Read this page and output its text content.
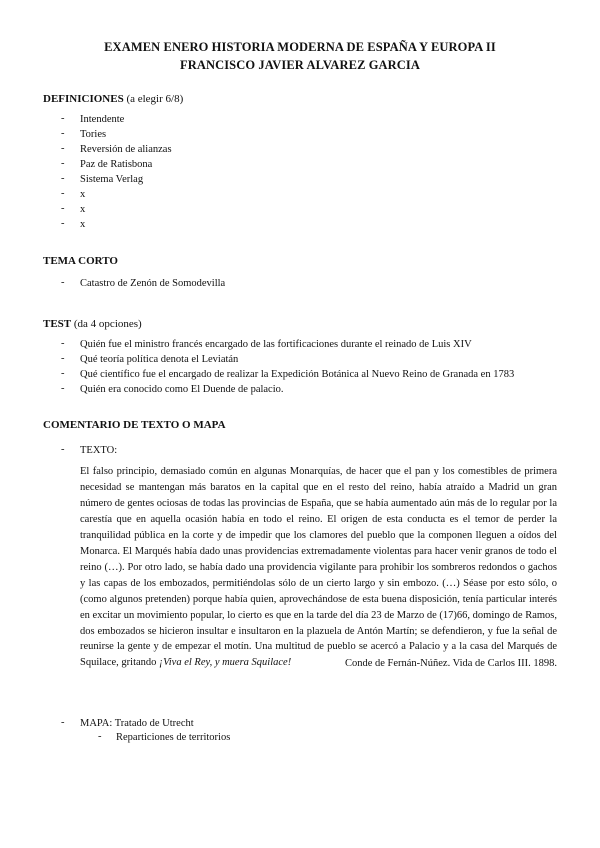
EXAMEN ENERO HISTORIA MODERNA DE ESPAÑA Y EUROPA II
FRANCISCO JAVIER ALVAREZ GARCIA
DEFINICIONES (a elegir 6/8)
- Intendente
- Tories
- Reversión de alianzas
- Paz de Ratisbona
- Sistema Verlag
- x
- x
- x
TEMA CORTO
- Catastro de Zenón de Somodevilla
TEST (da 4 opciones)
- Quién fue el ministro francés encargado de las fortificaciones durante el reinado de Luis XIV
- Qué teoría política denota el Leviatán
- Qué científico fue el encargado de realizar la Expedición Botánica al Nuevo Reino de Granada en 1783
- Quién era conocido como El Duende de palacio.
COMENTARIO DE TEXTO O MAPA
- TEXTO:
El falso principio, demasiado común en algunas Monarquías, de hacer que el pan y los comestibles de primera necesidad se mantengan más baratos en la capital que en el resto del reino, había atraído a Madrid un gran número de gentes ociosas de todas las provincias de España, que se había aumentado aún más de lo regular por la carestía que en aquella ocasión había en todo el reino. El origen de esta conducta es el temor de perder la tranquilidad pública en la corte y de impedir que los clamores del pueblo que la componen lleguen a oídos del Monarca. El Marqués había dado unas providencias extremadamente violentas para hacer venir granos de todo el reino (…). Por otro lado, se había dado una providencia vigilante para prohibir los sombreros redondos o gachos y las capas de los embozados, permitiéndolas sólo de un cierto largo y sin embozo. (…) Séase por esto sólo, o (como algunos pretenden) porque había quien, aprovechándose de esta buena disposición, tenía particular interés en excitar un movimiento popular, lo cierto es que en la tarde del día 23 de Marzo de (17)66, domingo de Ramos, dos embozados se hicieron insultar e insultaron en la plazuela de Antón Martín; se defendieron, y fue la señal de reunirse la gente y de empezar el motín. Una multitud de pueblo se acercó a Palacio y a la casa del Marqués de Squilace, gritando ¡Viva el Rey, y muera Squilace!	Conde de Fernán-Núñez. Vida de Carlos III. 1898.
- MAPA: Tratado de Utrecht
- Reparticiones de territorios
